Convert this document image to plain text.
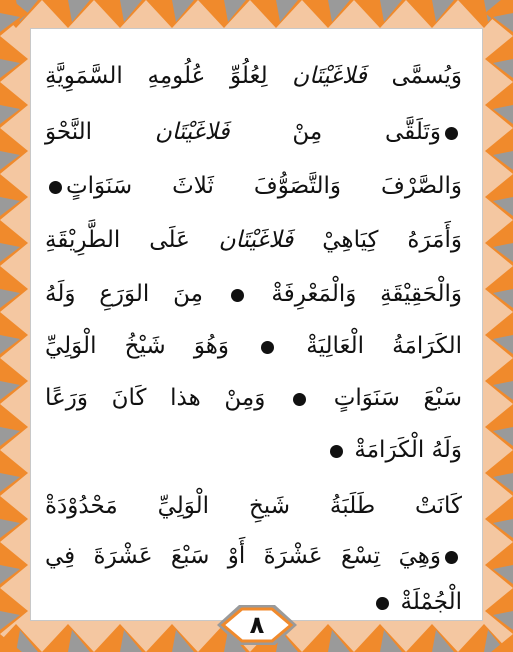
وَيُسمَّى فَلاغَيْتَان لِعُلُوِّ عُلُومِهِ السَّمَوِيَّةِ
وَتَلَقَّى مِنْ فَلاغَيْتَان النَّحْوَ
وَالصَّرْفَ وَالتَّصَوُّفَ ثَلاثَ سَنَوَاتٍ
وَأَمَرَهُ كِيَاهِيْ فَلاغَيْتَان عَلَى الطَّرِيْقَةِ
وَالْحَقِيْقَةِ وَالْمَعْرِفَةْ  مِنَ الوَرَعِ وَلَهُ
الكَرَامَةُ الْعَالِيَةْ  وَهُوَ شَيْخُ الْوَلِيِّ
سَبْعَ سَنَوَاتٍ  وَمِنْ هذا كَانَ وَرَعًا
وَلَهُ الْكَرَامَةْ
كَانَتْ طَلَبَةُ شَيخِ الْوَلِيِّ مَحْدُوْدَةْ
وَهِيَ تِسْعَ عَشْرَةَ أَوْ سَبْعَ عَشْرَةَ فِي
الْجُمْلَةْ
٨
